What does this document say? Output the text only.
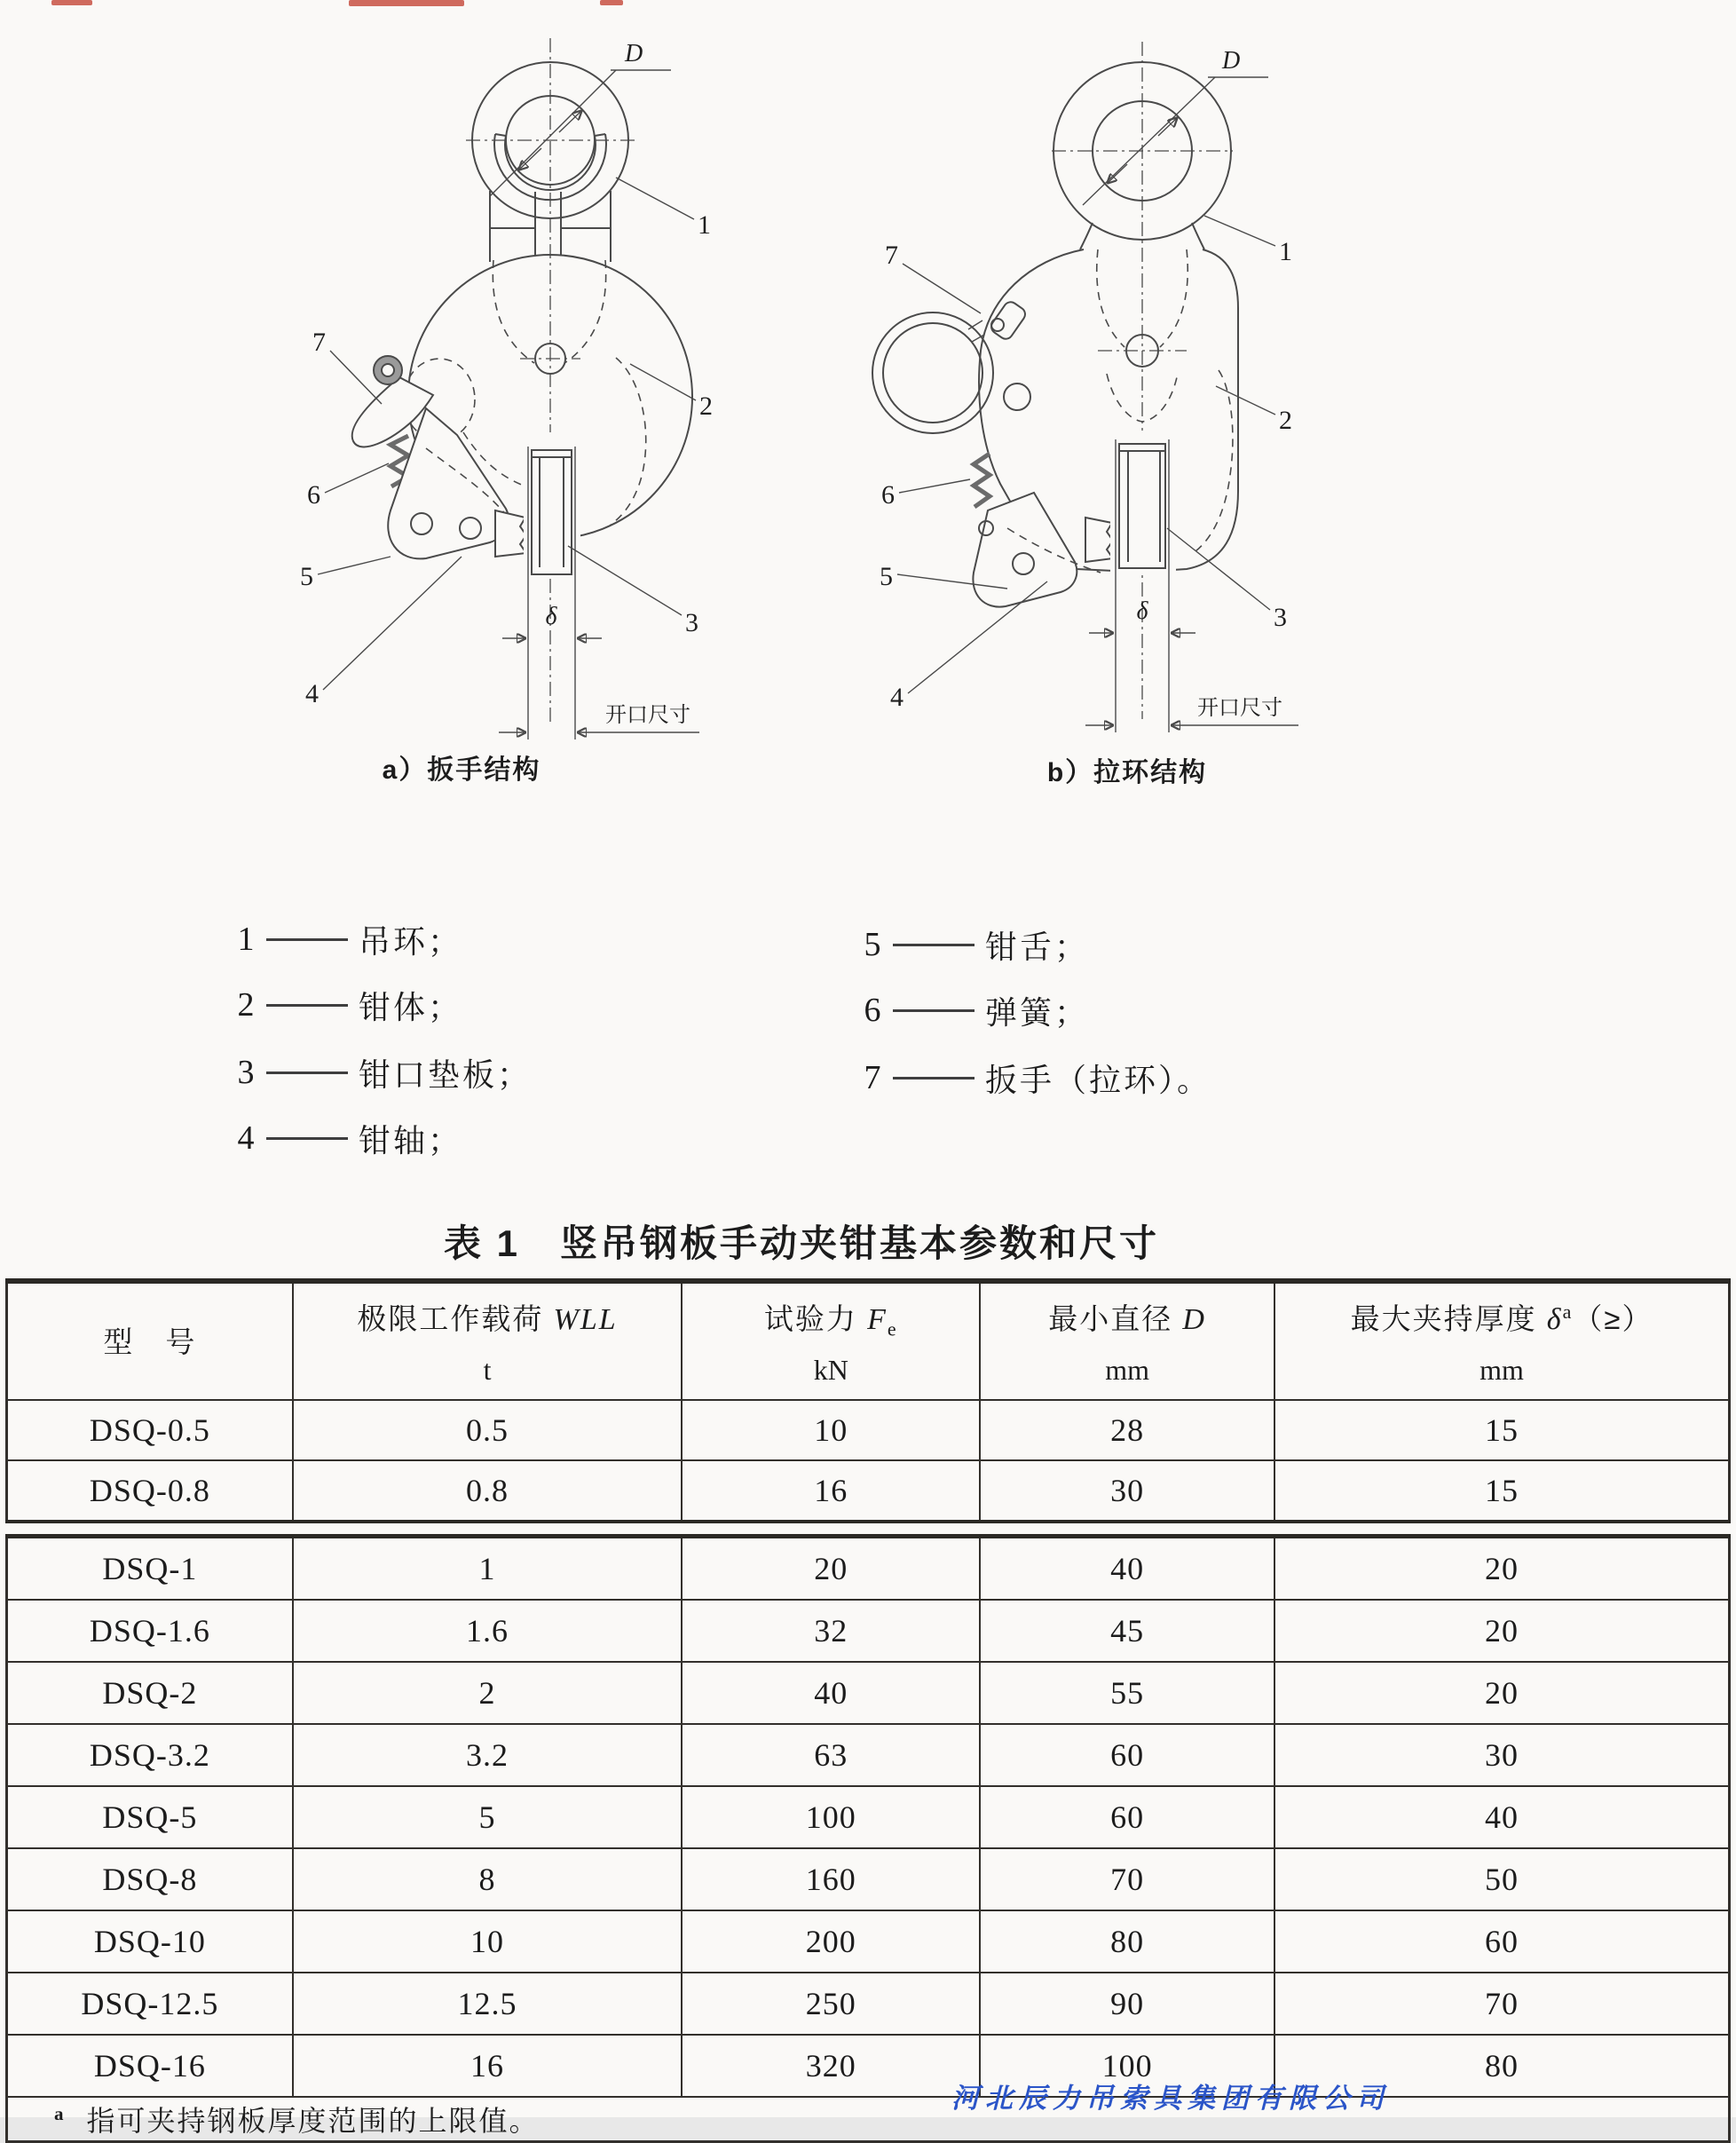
D
1
2
3
7
6
5
4
δ
开口尺寸
D
1
2
3
7
6
5
4
δ
开口尺寸
a）扳手结构	b）拉环结构
1	吊环；
2	钳体；
3	钳口垫板；
4	钳轴；
5	钳舌；
6	弹簧；
7	扳手（拉环）。
表 1　竖吊钢板手动夹钳基本参数和尺寸
型　号

极限工作载荷 WLL
t

试验力 $F_e$
kN

最小直径 D
mm

最大夹持厚度 $\delta^a(\ge)$
mm

DSQ-0.5	0.5	10	28	15
DSQ-0.8	0.8	16	30	15
DSQ-1	1	20	40	20
DSQ-1.6	1.6	32	45	20
DSQ-2	2	40	55	20
DSQ-3.2	3.2	63	60	30
DSQ-5	5	100	60	40
DSQ-8	8	160	70	50
DSQ-10	10	200	80	60
DSQ-12.5	12.5	250	90	70
DSQ-16	16	320	100	80
$^a$ 指可夹持钢板厚度范围的上限值。				
河北辰力吊索具集团有限公司
